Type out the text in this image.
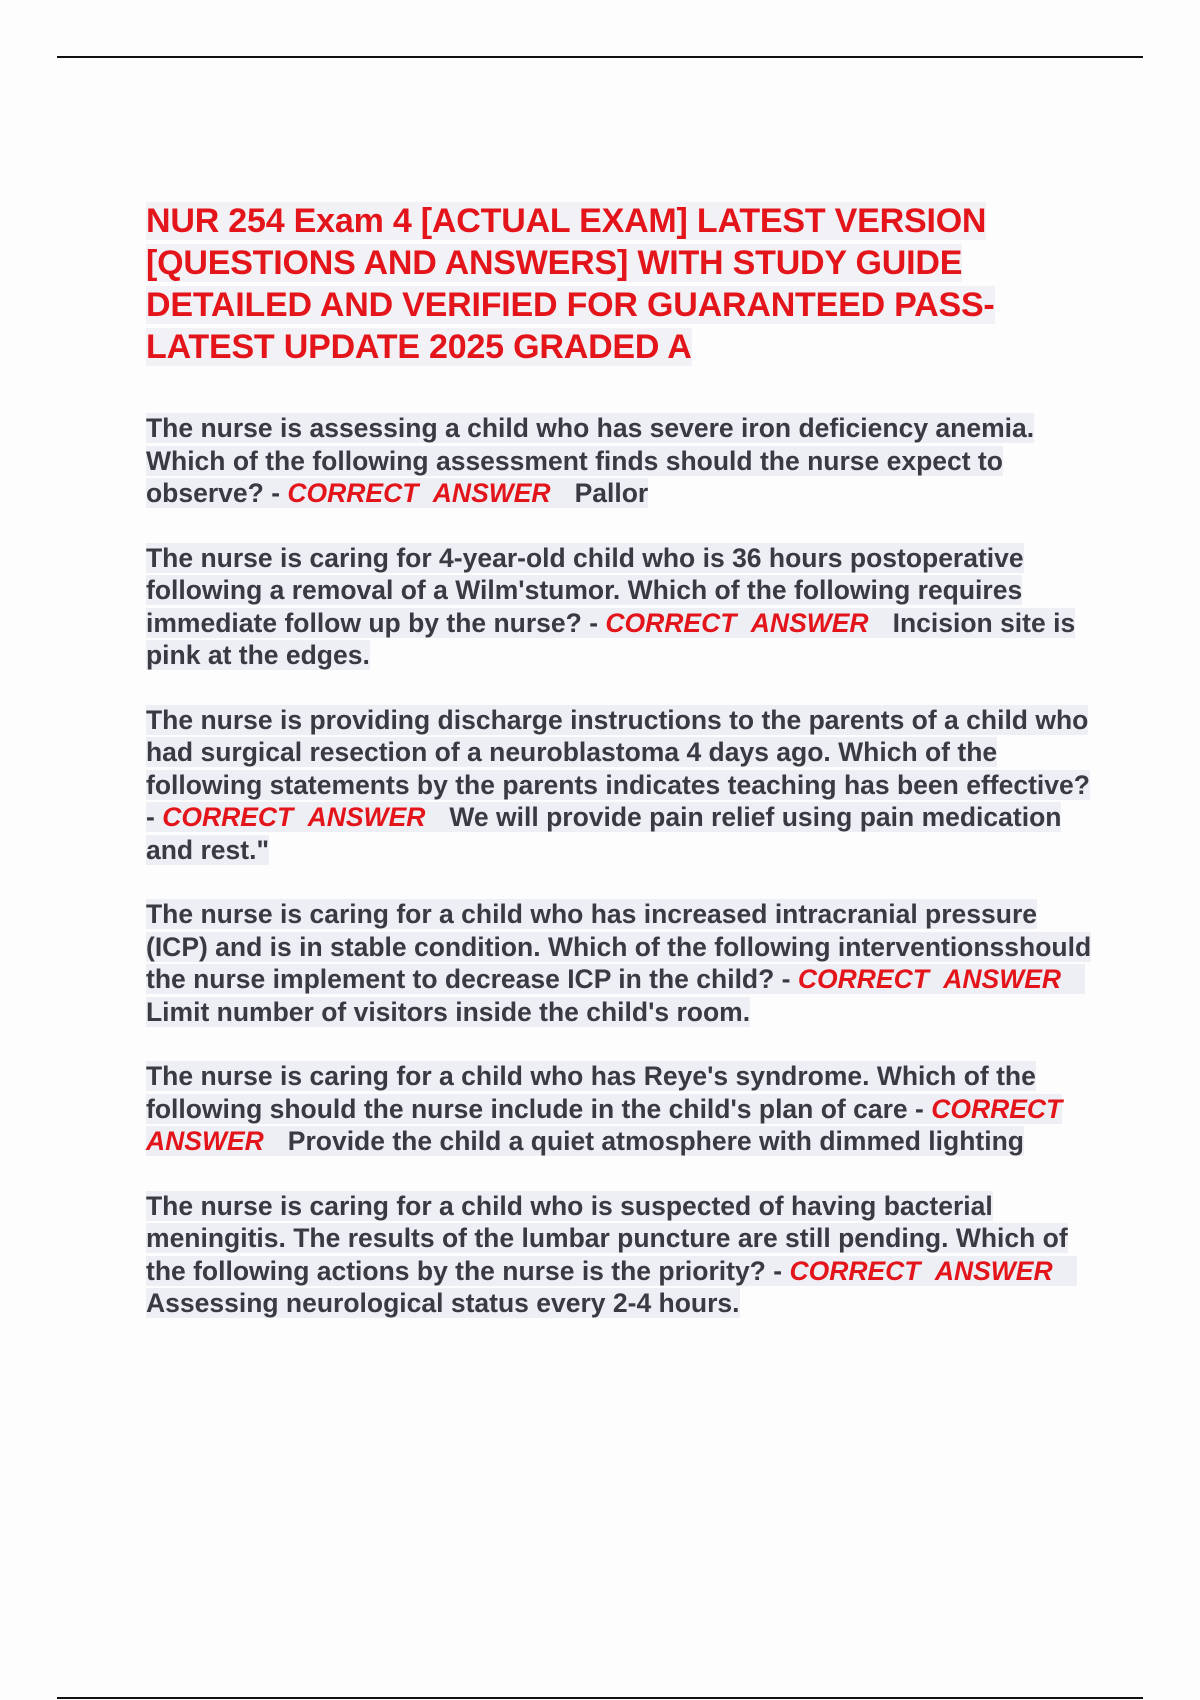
NUR 254 Exam 4 [ACTUAL EXAM] LATEST VERSION [QUESTIONS AND ANSWERS] WITH STUDY GUIDE DETAILED AND VERIFIED FOR GUARANTEED PASS-LATEST UPDATE 2025 GRADED A

The nurse is assessing a child who has severe iron deficiency anemia. Which of the following assessment finds should the nurse expect to observe? - CORRECT ANSWER Pallor

The nurse is caring for 4-year-old child who is 36 hours postoperative following a removal of a Wilm'stumor. Which of the following requires immediate follow up by the nurse? - CORRECT ANSWER Incision site is pink at the edges.

The nurse is providing discharge instructions to the parents of a child who had surgical resection of a neuroblastoma 4 days ago. Which of the following statements by the parents indicates teaching has been effective? - CORRECT ANSWER We will provide pain relief using pain medication and rest."

The nurse is caring for a child who has increased intracranial pressure (ICP) and is in stable condition. Which of the following interventionsshould the nurse implement to decrease ICP in the child? - CORRECT ANSWERLimit number of visitors inside the child's room.

The nurse is caring for a child who has Reye's syndrome. Which of the following should the nurse include in the child's plan of care - CORRECT ANSWER Provide the child a quiet atmosphere with dimmed lighting

The nurse is caring for a child who is suspected of having bacterial meningitis. The results of the lumbar puncture are still pending. Which of the following actions by the nurse is the priority? - CORRECT ANSWERAssessing neurological status every 2-4 hours.
